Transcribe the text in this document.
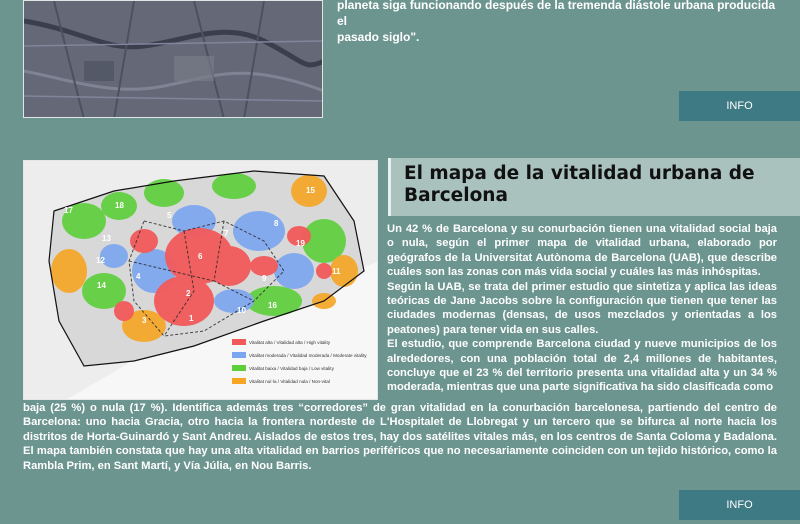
planeta siga funcionando después de la tremenda diástole urbana producida el
pasado siglo".
INFO
1
2
3
4
5
6
7
8
9
10
11
12
13
14
15
16
17
18
19
Vitalitat alta / Vitalidad alta / High vitality
Vitalitat moderada / Vitalidad moderada / Moderate vitality
Vitalitat baixa / Vitalidad baja / Low vitality
Vitalitat nul·la / Vitalidad nula / Non-vital
El mapa de la vitalidad urbana de Barcelona

Un 42 % de Barcelona y su conurbación tienen una vitalidad social baja o nula, según el primer mapa de vitalidad urbana, elaborado por geógrafos de la Universitat Autònoma de Barcelona (UAB), que describe cuáles son las zonas con más vida social y cuáles las más inhóspitas.

Según la UAB, se trata del primer estudio que sintetiza y aplica las ideas teóricas de Jane Jacobs sobre la configuración que tienen que tener las ciudades modernas (densas, de usos mezclados y orientadas a los peatones) para tener vida en sus calles.

El estudio, que comprende Barcelona ciudad y nueve municipios de los alrededores, con una población total de 2,4 millones de habitantes, concluye que el 23 % del territorio presenta una vitalidad alta y un 34 % moderada, mientras que una parte significativa ha sido clasificada como

baja (25 %) o nula (17 %). Identifica además tres “corredores” de gran vitalidad en la conurbación barcelonesa, partiendo del centro de Barcelona: uno hacia Gracia, otro hacia la frontera nordeste de L'Hospitalet de Llobregat y un tercero que se bifurca al norte hacia los distritos de Horta-Guinardó y Sant Andreu. Aislados de estos tres, hay dos satélites vitales más, en los centros de Santa Coloma y Badalona. El mapa también constata que hay una alta vitalidad en barrios periféricos que no necesariamente coinciden con un tejido histórico, como la Rambla Prim, en Sant Martí, y Vía Júlia, en Nou Barris.
INFO
